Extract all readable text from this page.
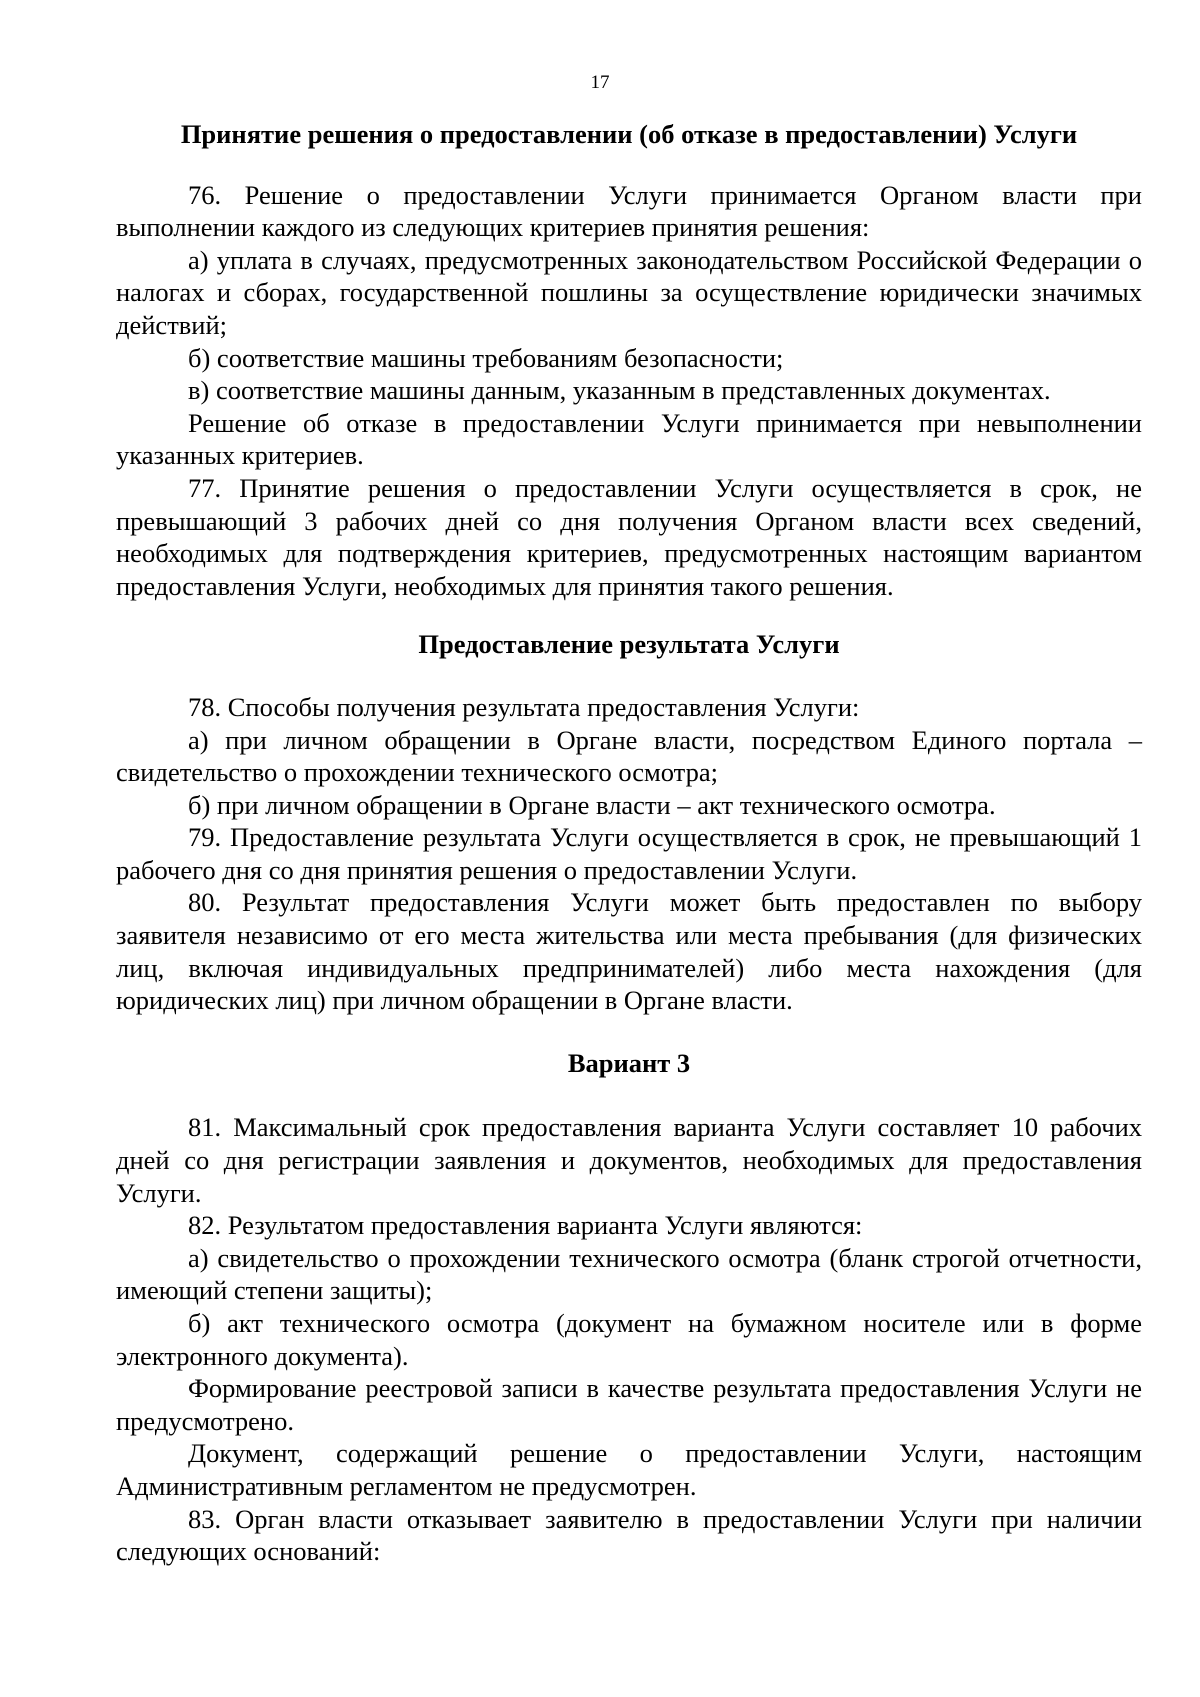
17
Принятие решения о предоставлении (об отказе в предоставлении) Услуги

76. Решение о предоставлении Услуги принимается Органом власти при выполнении каждого из следующих критериев принятия решения:

а) уплата в случаях, предусмотренных законодательством Российской Федерации о налогах и сборах, государственной пошлины за осуществление юридически значимых действий;

б) соответствие машины требованиям безопасности;

в) соответствие машины данным, указанным в представленных документах.

Решение об отказе в предоставлении Услуги принимается при невыполнении указанных критериев.

77. Принятие решения о предоставлении Услуги осуществляется в срок, не превышающий 3 рабочих дней со дня получения Органом власти всех сведений, необходимых для подтверждения критериев, предусмотренных настоящим вариантом предоставления Услуги, необходимых для принятия такого решения.

Предоставление результата Услуги

78. Способы получения результата предоставления Услуги:

а) при личном обращении в Органе власти, посредством Единого портала – свидетельство о прохождении технического осмотра;

б) при личном обращении в Органе власти – акт технического осмотра.

79. Предоставление результата Услуги осуществляется в срок, не превышающий 1 рабочего дня со дня принятия решения о предоставлении Услуги.

80. Результат предоставления Услуги может быть предоставлен по выбору заявителя независимо от его места жительства или места пребывания (для физических лиц, включая индивидуальных предпринимателей) либо места нахождения (для юридических лиц) при личном обращении в Органе власти.

Вариант 3

81. Максимальный срок предоставления варианта Услуги составляет 10 рабочих дней со дня регистрации заявления и документов, необходимых для предоставления Услуги.

82. Результатом предоставления варианта Услуги являются:

а) свидетельство о прохождении технического осмотра (бланк строгой отчетности, имеющий степени защиты);

б) акт технического осмотра (документ на бумажном носителе или в форме электронного документа).

Формирование реестровой записи в качестве результата предоставления Услуги не предусмотрено.

Документ, содержащий решение о предоставлении Услуги, настоящим Административным регламентом не предусмотрен.

83. Орган власти отказывает заявителю в предоставлении Услуги при наличии следующих оснований:
